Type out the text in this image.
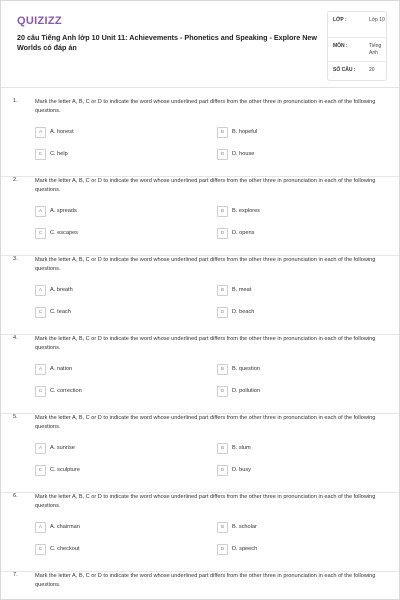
QUIZIZZ
20 câu Tiếng Anh lớp 10 Unit 11: Achievements - Phonetics and Speaking - Explore New Worlds có đáp án
LỚP :	Lớp 10
MÔN :	Tiếng Anh
SỐ CÂU :	20
1.	Mark the letter A, B, C or D to indicate the word whose underlined part differs from the other three in pronunciation in each of the following questions.
A	A. honest	B	B. hopeful
C	C. help	D	D. house
2.	Mark the letter A, B, C or D to indicate the word whose underlined part differs from the other three in pronunciation in each of the following questions.
A	A. spreads	B	B. explores
C	C. escapes	D	D. opens
3.	Mark the letter A, B, C or D to indicate the word whose underlined part differs from the other three in pronunciation in each of the following questions.
A	A. breath	B	B. meat
C	C. teach	D	D. beach
4.	Mark the letter A, B, C or D to indicate the word whose underlined part differs from the other three in pronunciation in each of the following questions.
A	A. nation	B	B. question
C	C. correction	D	D. pollution
5.	Mark the letter A, B, C or D to indicate the word whose underlined part differs from the other three in pronunciation in each of the following questions.
A	A. sunrise	B	B. slum
C	C. sculpture	D	D. busy
6.	Mark the letter A, B, C or D to indicate the word whose underlined part differs from the other three in pronunciation in each of the following questions.
A	A. chairman	B	B. scholar
C	C. checkout	D	D. speech
7.	Mark the letter A, B, C or D to indicate the word whose underlined part differs from the other three in pronunciation in each of the following questions.
